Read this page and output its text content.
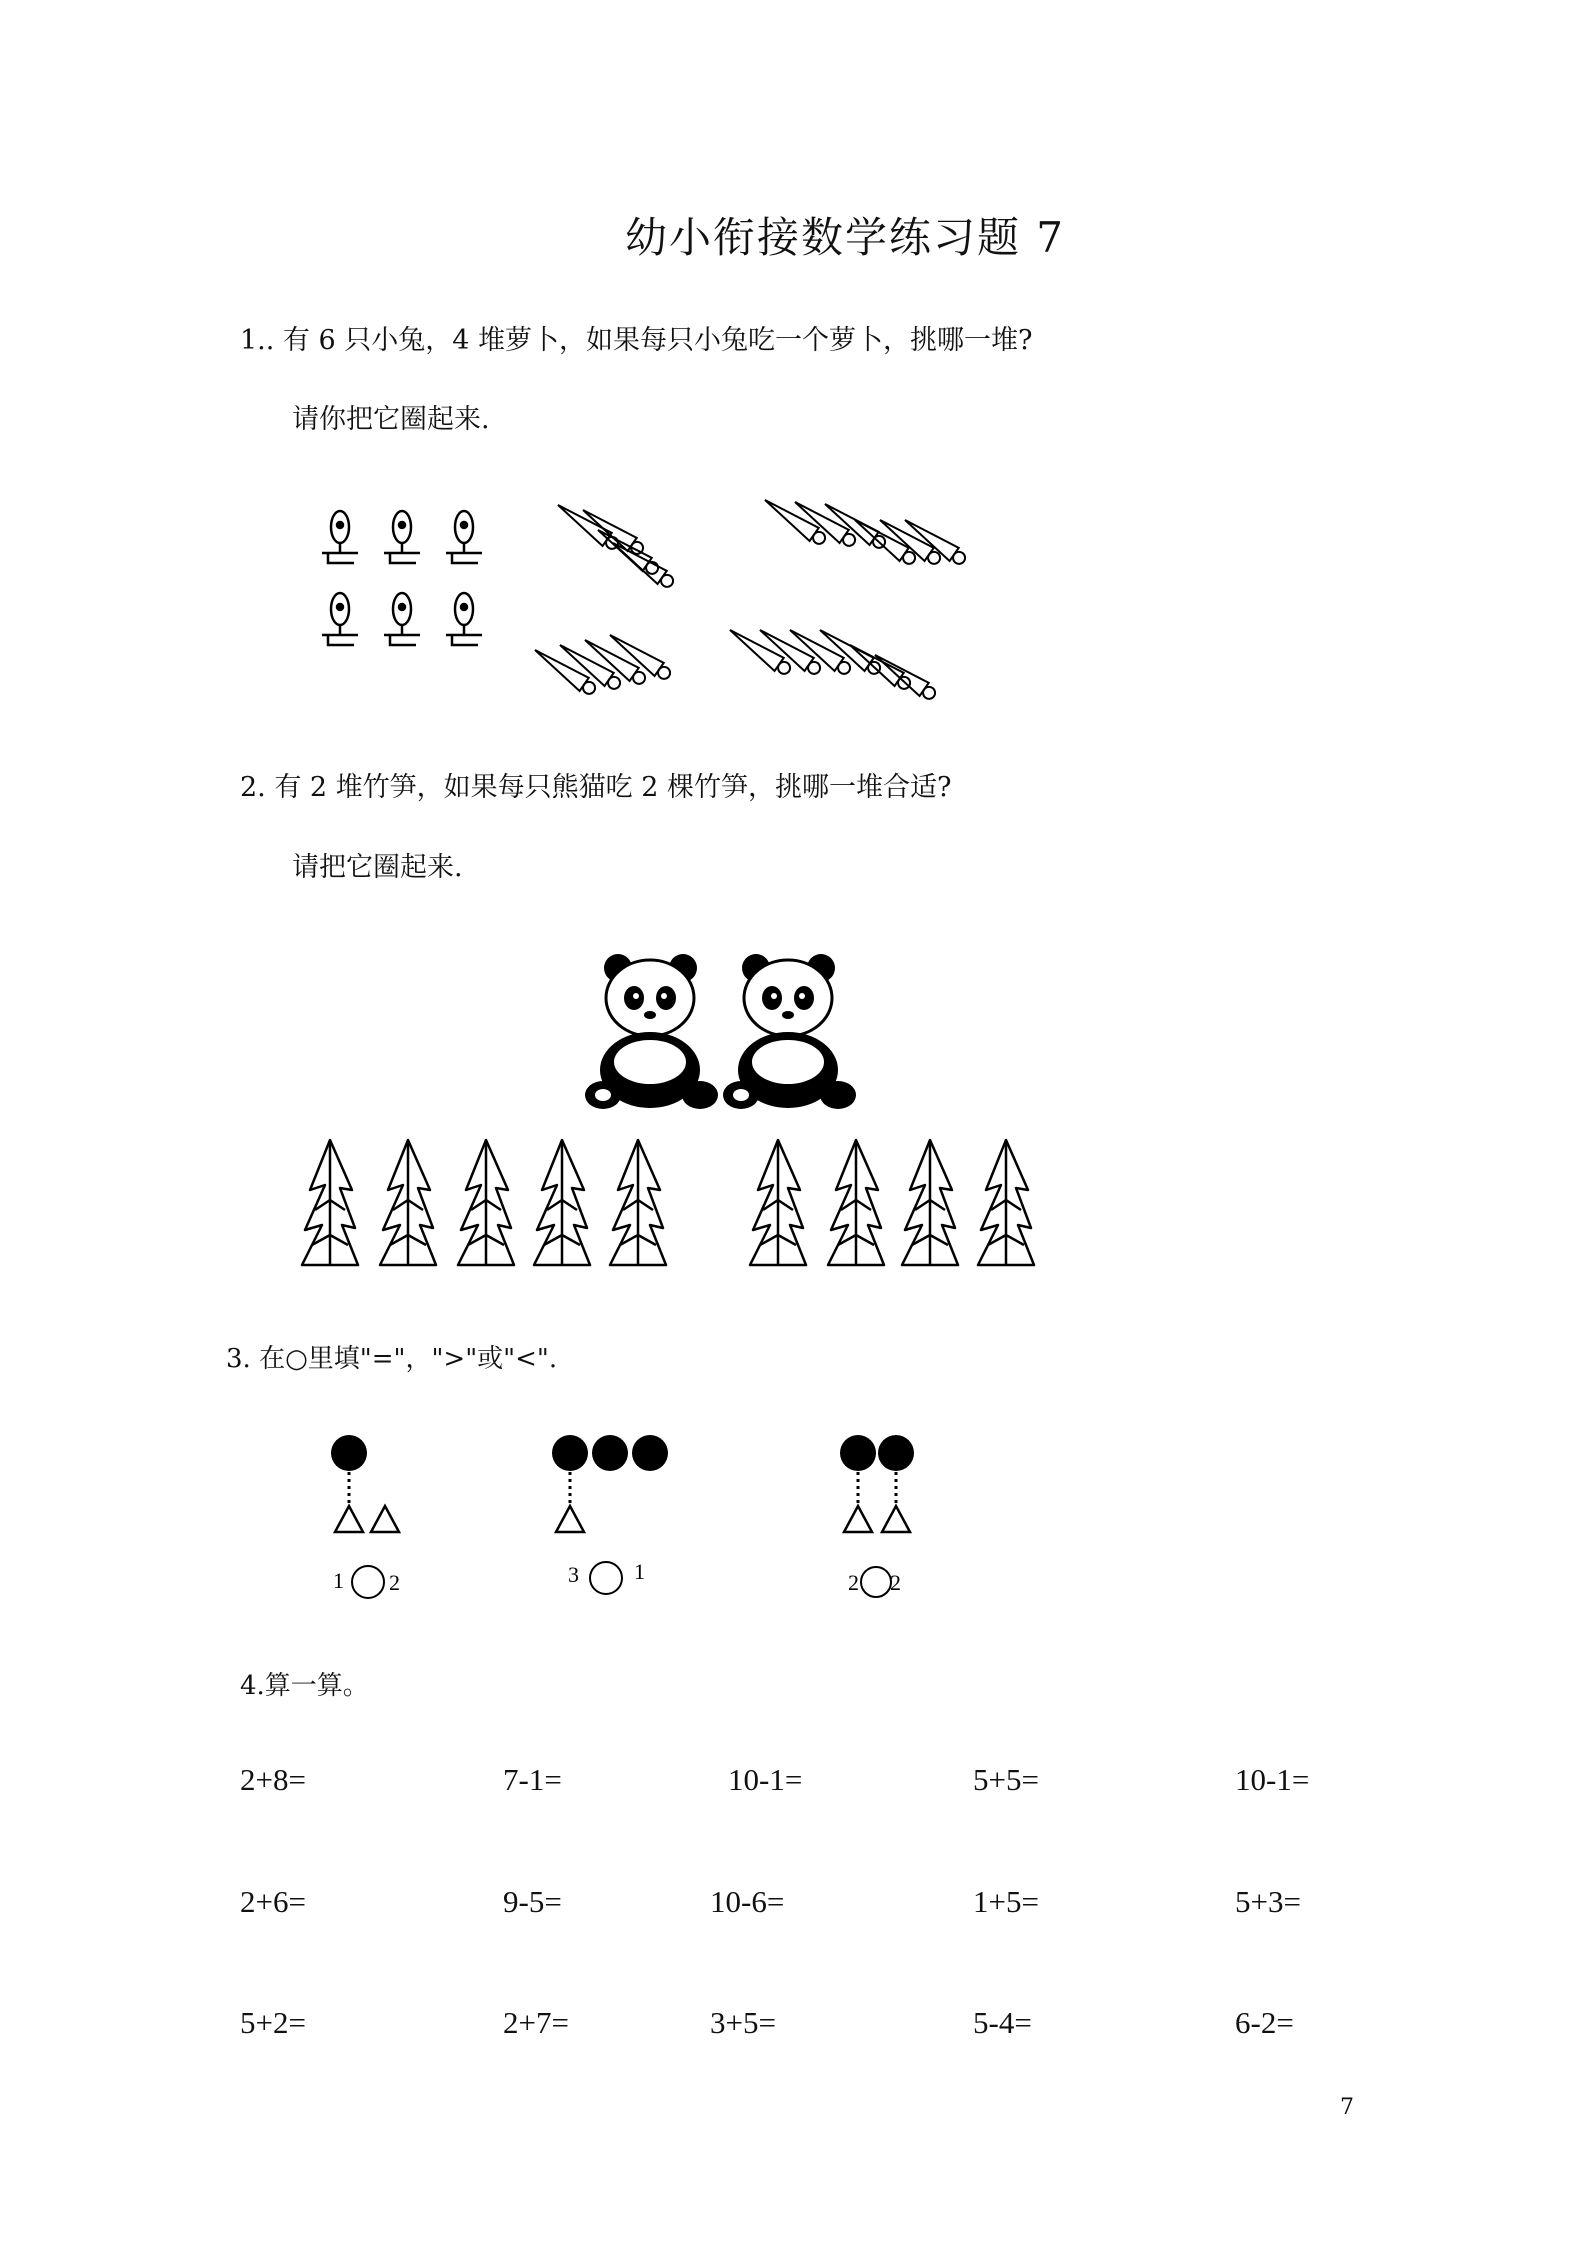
幼小衔接数学练习题 7
1.. 有 6 只小兔，4 堆萝卜，如果每只小兔吃一个萝卜，挑哪一堆?
请你把它圈起来.
2. 有 2 堆竹笋，如果每只熊猫吃 2 棵竹笋，挑哪一堆合适?
请把它圈起来.
3. 在○里填"="，">"或"<".
1 2	3	1	2 2
4.算一算。
2+8=	7-1=	10-1=	5+5=	10-1=
2+6=	9-5=	10-6=	1+5=	5+3=
5+2=	2+7=	3+5=	5-4=	6-2=
7
